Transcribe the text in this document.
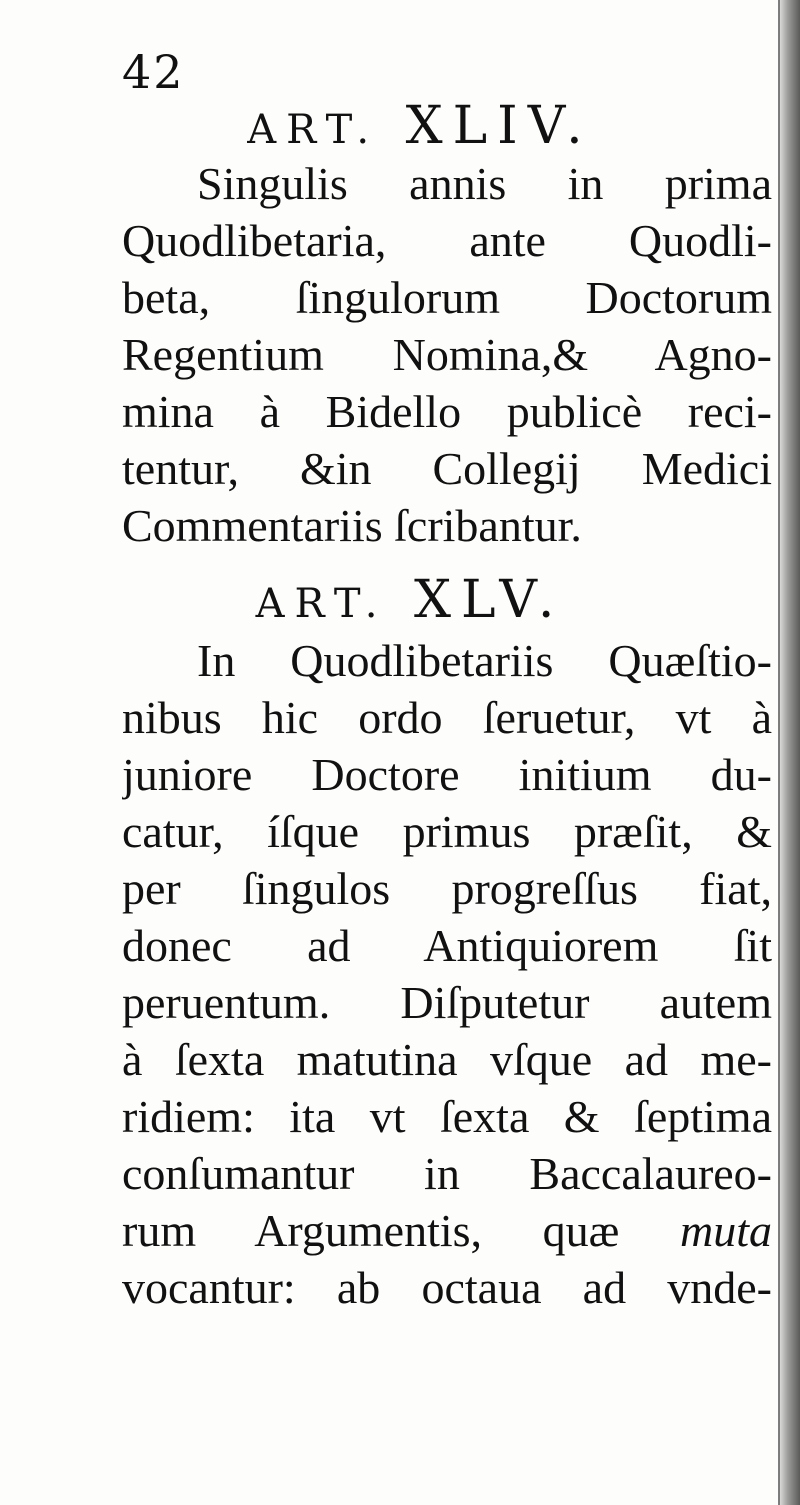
42
ART. XLIV.
Singulis annis in prima
Quodlibetaria, ante Quodli-
beta, ſingulorum Doctorum
Regentium Nomina,& Agno-
mina à Bidello publicè reci-
tentur, &in Collegij Medici
Commentariis ſcribantur.
ART. XLV.
In Quodlibetariis Quæſtio-
nibus hic ordo ſeruetur, vt à
juniore Doctore initium du-
catur, íſque primus præſit, &
per ſingulos progreſſus fiat,
donec ad Antiquiorem ſit
peruentum. Diſputetur autem
à ſexta matutina vſque ad me-
ridiem: ita vt ſexta & ſeptima
conſumantur in Baccalaureo-
rum Argumentis, quæ muta
vocantur: ab octaua ad vnde-
